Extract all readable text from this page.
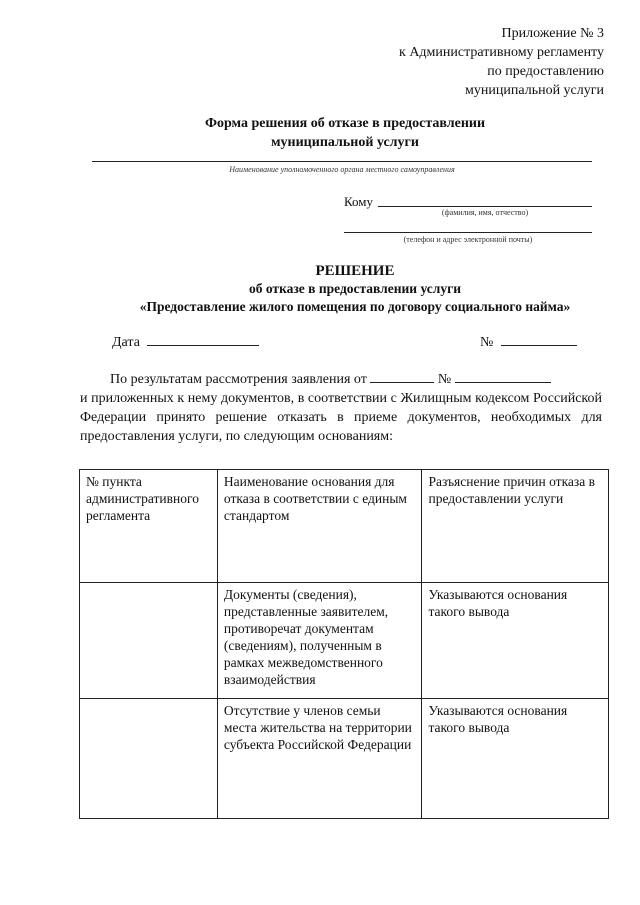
Приложение № 3
к Административному регламенту
по предоставлению
муниципальной услуги
Форма решения об отказе в предоставлении
муниципальной услуги
Наименование уполномоченного органа местного самоуправления
Кому
(фамилия, имя, отчество)
(телефон и адрес электронной почты)
РЕШЕНИЕ
об отказе в предоставлении услуги
«Предоставление жилого помещения по договору социального найма»
Дата	№
По результатам рассмотрения заявления от	№
и приложенных к нему документов, в соответствии с Жилищным кодексом Российской Федерации принято решение отказать в приеме документов, необходимых для предоставления услуги, по следующим основаниям:
№ пункта административного регламента	Наименование основания для отказа в соответствии с единым стандартом	Разъяснение причин отказа в предоставлении услуги
	Документы (сведения), представленные заявителем, противоречат документам (сведениям), полученным в рамках межведомственного взаимодействия	Указываются основания такого вывода
	Отсутствие у членов семьи места жительства на территории субъекта Российской Федерации	Указываются основания такого вывода
